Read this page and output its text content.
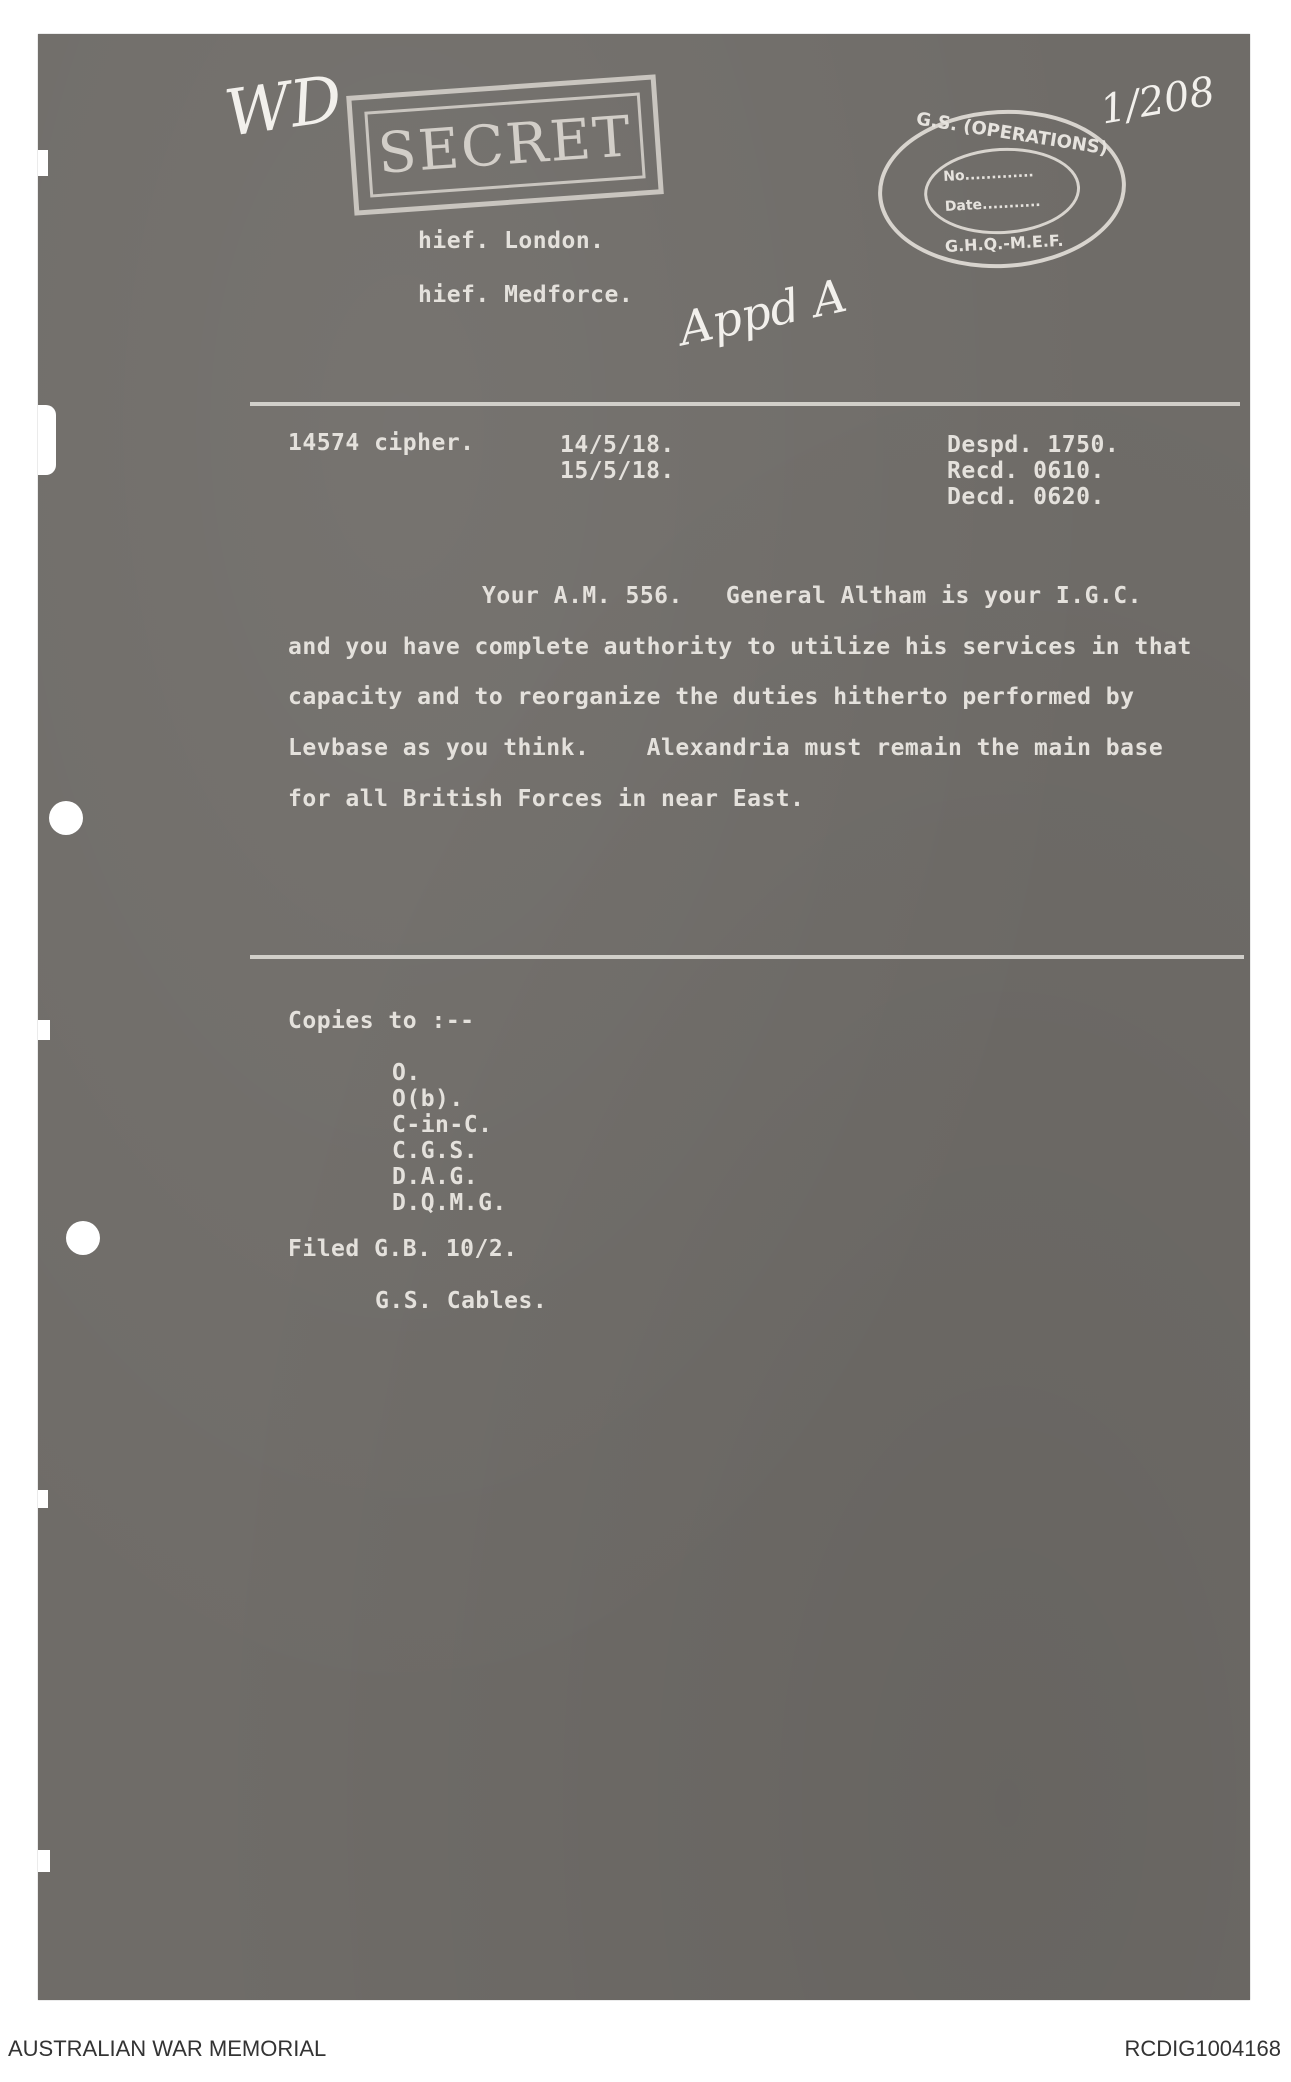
WD	1/208
Appd A
SECRET	G.S. (OPERATIONS)
No.............
Date...........
G.H.Q.-M.E.F.
hief. London.
hief. Medforce.
14574 cipher.	14/5/18.
15/5/18.
Despd. 1750.
Recd. 0610.
Decd. 0620.
Your A.M. 556.   General Altham is your I.G.C.
and you have complete authority to utilize his services in that
capacity and to reorganize the duties hitherto performed by
Levbase as you think.    Alexandria must remain the main base
for all British Forces in near East.
Copies to :--
O.
O(b).
C-in-C.
C.G.S.
D.A.G.
D.Q.M.G.
Filed G.B. 10/2.
G.S. Cables.
AUSTRALIAN WAR MEMORIAL	RCDIG1004168
